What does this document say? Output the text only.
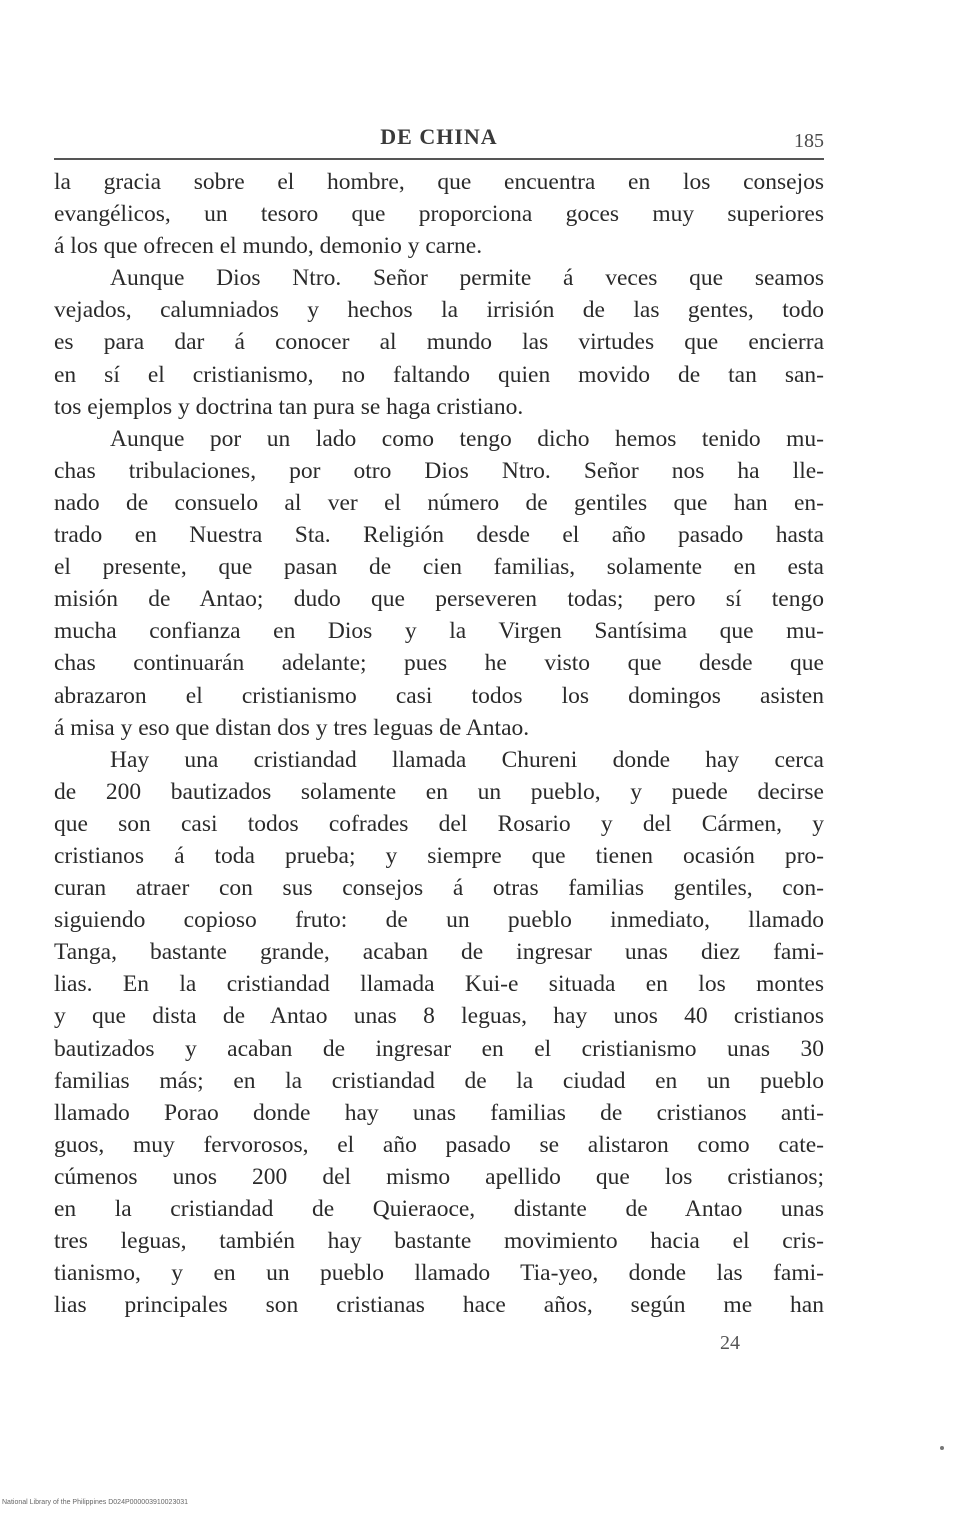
DE CHINA	185
la gracia sobre el hombre, que encuentra en los consejos
evangélicos, un tesoro que proporciona goces muy superiores
á los que ofrecen el mundo, demonio y carne.
Aunque Dios Ntro. Señor permite á veces que seamos
vejados, calumniados y hechos la irrisión de las gentes, todo
es para dar á conocer al mundo las virtudes que encierra
en sí el cristianismo, no faltando quien movido de tan san-
tos ejemplos y doctrina tan pura se haga cristiano.
Aunque por un lado como tengo dicho hemos tenido mu-
chas tribulaciones, por otro Dios Ntro. Señor nos ha lle-
nado de consuelo al ver el número de gentiles que han en-
trado en Nuestra Sta. Religión desde el año pasado hasta
el presente, que pasan de cien familias, solamente en esta
misión de Antao; dudo que perseveren todas; pero sí tengo
mucha confianza en Dios y la Virgen Santísima que mu-
chas continuarán adelante; pues he visto que desde que
abrazaron el cristianismo casi todos los domingos asisten
á misa y eso que distan dos y tres leguas de Antao.
Hay una cristiandad llamada Chureni donde hay cerca
de 200 bautizados solamente en un pueblo, y puede decirse
que son casi todos cofrades del Rosario y del Cármen, y
cristianos á toda prueba; y siempre que tienen ocasión pro-
curan atraer con sus consejos á otras familias gentiles, con-
siguiendo copioso fruto: de un pueblo inmediato, llamado
Tanga, bastante grande, acaban de ingresar unas diez fami-
lias. En la cristiandad llamada Kui-e situada en los montes
y que dista de Antao unas 8 leguas, hay unos 40 cristianos
bautizados y acaban de ingresar en el cristianismo unas 30
familias más; en la cristiandad de la ciudad en un pueblo
llamado Porao donde hay unas familias de cristianos anti-
guos, muy fervorosos, el año pasado se alistaron como cate-
cúmenos unos 200 del mismo apellido que los cristianos;
en la cristiandad de Quieraoce, distante de Antao unas
tres leguas, también hay bastante movimiento hacia el cris-
tianismo, y en un pueblo llamado Tia-yeo, donde las fami-
lias principales son cristianas hace años, según me han
24
National Library of the Philippines D024P000003910023031
